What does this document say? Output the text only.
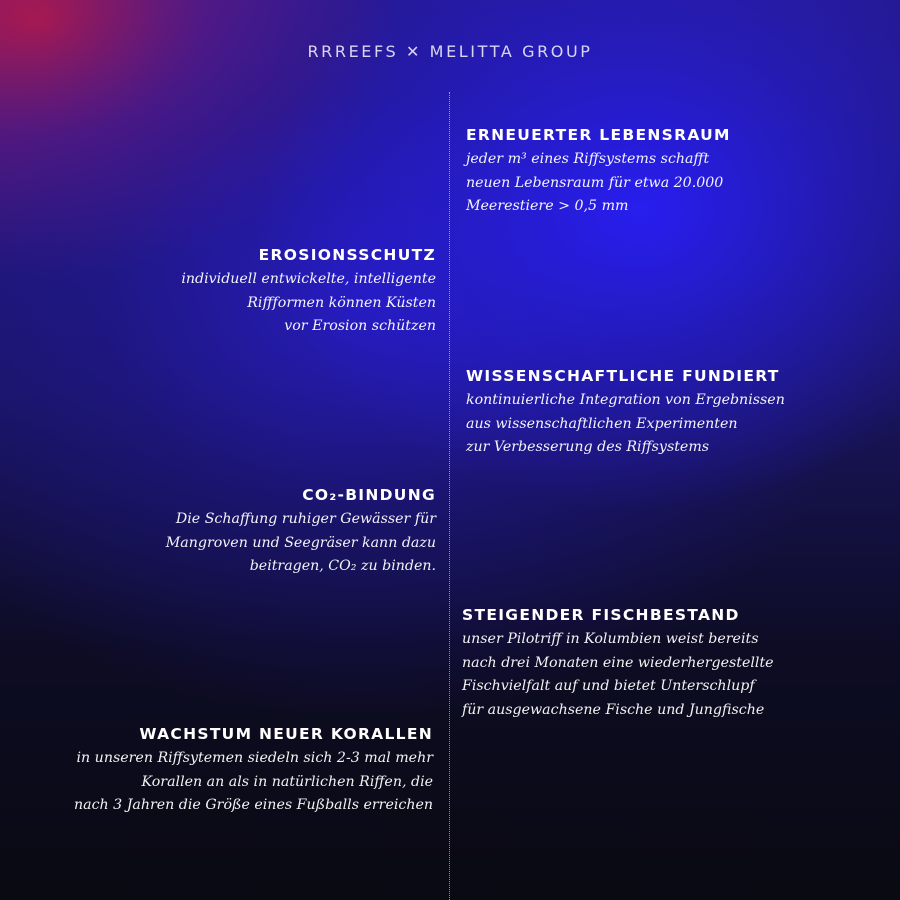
RRREEFS ✕ MELITTA GROUP
ERNEUERTER LEBENSRAUM

jeder m³ eines Riffsystems schafft
neuen Lebensraum für etwa 20.000
Meerestiere > 0,5 mm

EROSIONSSCHUTZ

individuell entwickelte, intelligente
Riffformen können Küsten
vor Erosion schützen

WISSENSCHAFTLICHE FUNDIERT

kontinuierliche Integration von Ergebnissen
aus wissenschaftlichen Experimenten
zur Verbesserung des Riffsystems

CO₂-BINDUNG

Die Schaffung ruhiger Gewässer für
Mangroven und Seegräser kann dazu
beitragen, CO₂ zu binden.

STEIGENDER FISCHBESTAND

unser Pilotriff in Kolumbien weist bereits
nach drei Monaten eine wiederhergestellte
Fischvielfalt auf und bietet Unterschlupf
für ausgewachsene Fische und Jungfische

WACHSTUM NEUER KORALLEN

in unseren Riffsytemen siedeln sich 2-3 mal mehr
Korallen an als in natürlichen Riffen, die
nach 3 Jahren die Größe eines Fußballs erreichen
